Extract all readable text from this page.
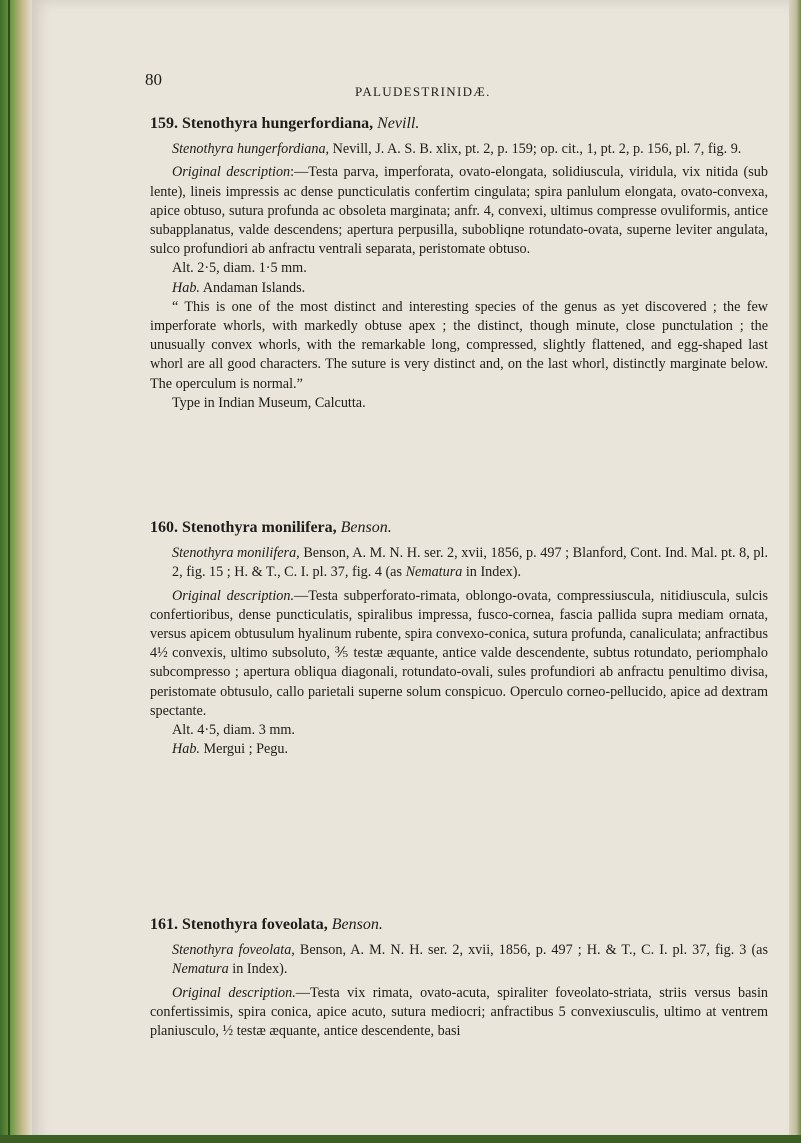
80
PALUDESTRINIDÆ.
159. Stenothyra hungerfordiana, Nevill.
Stenothyra hungerfordiana, Nevill, J. A. S. B. xlix, pt. 2, p. 159; op. cit., 1, pt. 2, p. 156, pl. 7, fig. 9.

Original description:—Testa parva, imperforata, ovato-elongata, solidiuscula, viridula, vix nitida (sub lente), lineis impressis ac dense puncticulatis confertim cingulata; spira panlulum elongata, ovato-convexa, apice obtuso, sutura profunda ac obsoleta marginata; anfr. 4, convexi, ultimus compresse ovuliformis, antice subapplanatus, valde descendens; apertura perpusilla, subobliqne rotundato-ovata, superne leviter angulata, sulco profundiori ab anfractu ventrali separata, peristomate obtuso.

Alt. 2·5, diam. 1·5 mm.
Hab. Andaman Islands.

“ This is one of the most distinct and interesting species of the genus as yet discovered ; the few imperforate whorls, with markedly obtuse apex ; the distinct, though minute, close punctulation ; the unusually convex whorls, with the remarkable long, compressed, slightly flattened, and egg-shaped last whorl are all good characters. The suture is very distinct and, on the last whorl, distinctly marginate below. The operculum is normal.”

Type in Indian Museum, Calcutta.
160. Stenothyra monilifera, Benson.
Stenothyra monilifera, Benson, A. M. N. H. ser. 2, xvii, 1856, p. 497 ; Blanford, Cont. Ind. Mal. pt. 8, pl. 2, fig. 15 ; H. & T., C. I. pl. 37, fig. 4 (as Nematura in Index).

Original description.—Testa subperforato-rimata, oblongo-ovata, compressiuscula, nitidiuscula, sulcis confertioribus, dense puncticulatis, spiralibus impressa, fusco-cornea, fascia pallida supra mediam ornata, versus apicem obtusulum hyalinum rubente, spira convexo-conica, sutura profunda, canaliculata; anfractibus 4½ convexis, ultimo subsoluto, ⅗ testæ æquante, antice valde descendente, subtus rotundato, periomphalo subcompresso ; apertura obliqua diagonali, rotundato-ovali, sules profundiori ab anfractu penultimo divisa, peristomate obtusulo, callo parietali superne solum conspicuo. Operculo corneo-pellucido, apice ad dextram spectante.

Alt. 4·5, diam. 3 mm.
Hab. Mergui ; Pegu.
161. Stenothyra foveolata, Benson.
Stenothyra foveolata, Benson, A. M. N. H. ser. 2, xvii, 1856, p. 497 ; H. & T., C. I. pl. 37, fig. 3 (as Nematura in Index).

Original description.—Testa vix rimata, ovato-acuta, spiraliter foveolato-striata, striis versus basin confertissimis, spira conica, apice acuto, sutura mediocri; anfractibus 5 convexiusculis, ultimo at ventrem planiusculo, ½ testæ æquante, antice descendente, basi
